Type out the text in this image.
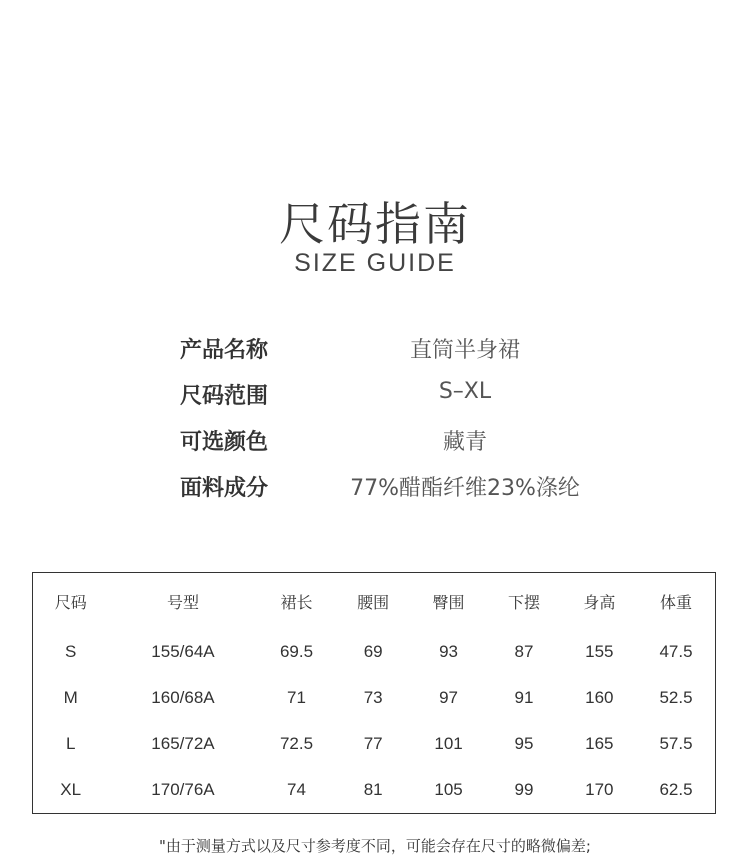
尺码指南
SIZE GUIDE
产品名称	直筒半身裙
尺码范围	S–XL
可选颜色	藏青
面料成分	77%醋酯纤维23%涤纶
尺码	号型	裙长	腰围	臀围	下摆	身高	体重
S	155/64A	69.5	69	93	87	155	47.5
M	160/68A	71	73	97	91	160	52.5
L	165/72A	72.5	77	101	95	165	57.5
XL	170/76A	74	81	105	99	170	62.5
"由于测量方式以及尺寸参考度不同，可能会存在尺寸的略微偏差;
